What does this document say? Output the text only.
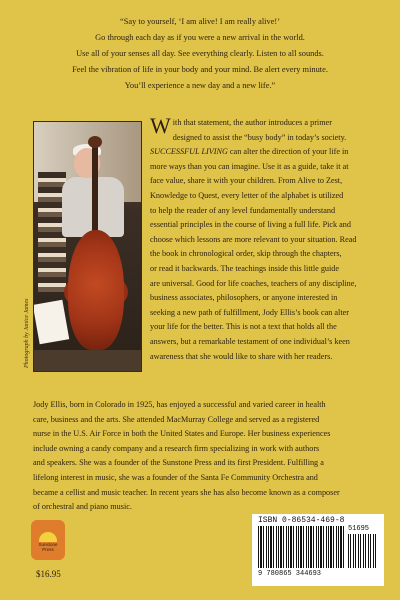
“Say to yourself, ‘I am alive! I am really alive!’
Go through each day as if you were a new arrival in the world.
Use all of your senses all day. See everything clearly. Listen to all sounds.
Feel the vibration of life in your body and your mind. Be alert every minute.
You’ll experience a new day and a new life.”
Photograph by Janice James
W ith that statement, the author introduces a primer
designed to assist the “busy body” in today’s society.
SUCCESSFUL LIVING can alter the direction of your life in
more ways than you can imagine. Use it as a guide, take it at
face value, share it with your children. From Alive to Zest,
Knowledge to Quest, every letter of the alphabet is utilized
to help the reader of any level fundamentally understand
essential principles in the course of living a full life. Pick and
choose which lessons are more relevant to your situation. Read
the book in chronological order, skip through the chapters,
or read it backwards. The teachings inside this little guide
are universal. Good for life coaches, teachers of any discipline,
business associates, philosophers, or anyone interested in
seeking a new path of fulfillment, Jody Ellis’s book can alter
your life for the better. This is not a text that holds all the
answers, but a remarkable testament of one individual’s keen
awareness that she would like to share with her readers.
Jody Ellis, born in Colorado in 1925, has enjoyed a successful and varied career in health
care, business and the arts. She attended MacMurray College and served as a registered
nurse in the U.S. Air Force in both the United States and Europe. Her business experiences
include owning a candy company and a research firm specializing in work with authors
and speakers. She was a founder of the Sunstone Press and its first President. Fulfilling a
lifelong interest in music, she was a founder of the Santa Fe Community Orchestra and
became a cellist and music teacher. In recent years she has also become known as a composer
of orchestral and piano music.
Sunstone
Press
$16.95
ISBN 0-86534-469-8
51695
9 780865 344693
